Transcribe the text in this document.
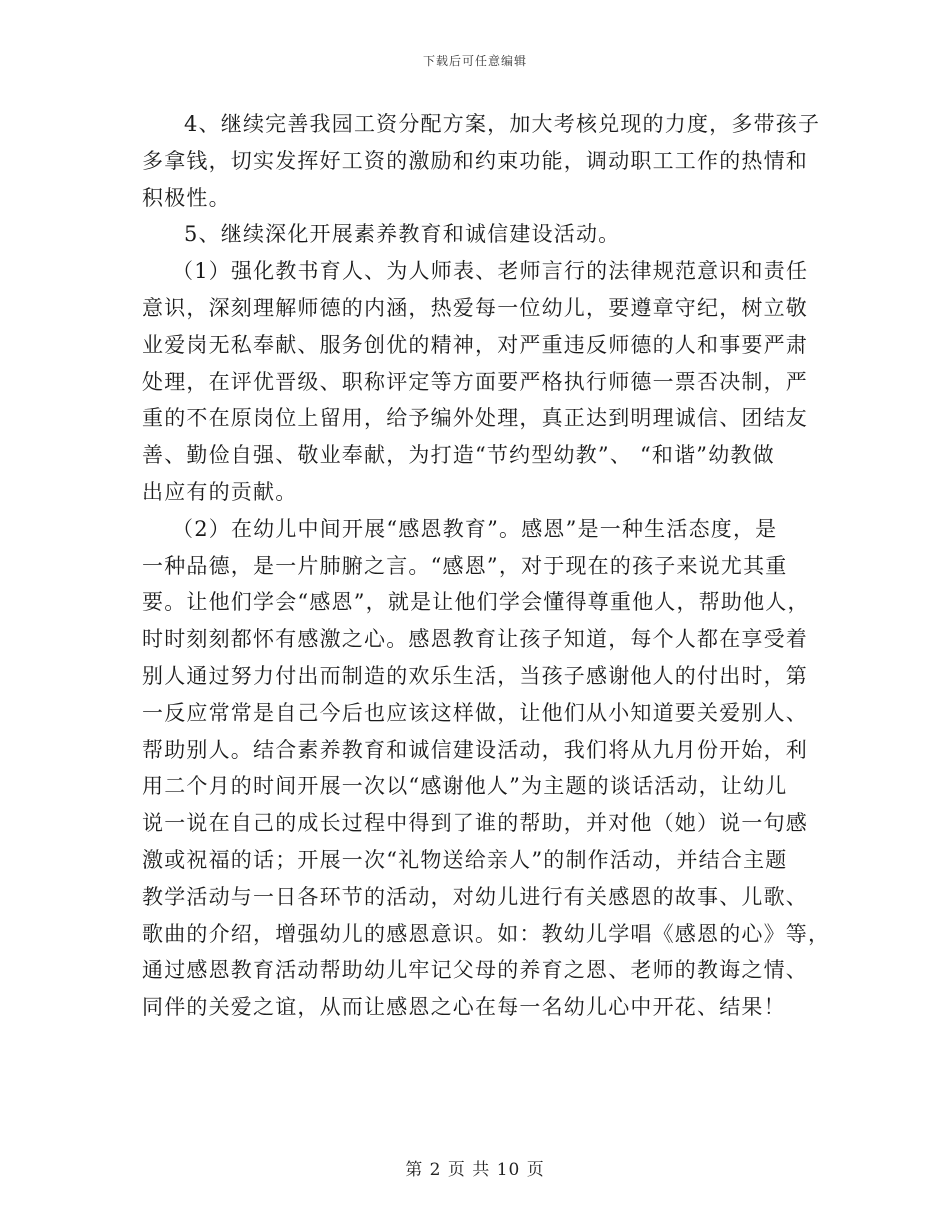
下载后可任意编辑
4、继续完善我园工资分配方案，加大考核兑现的力度，多带孩子
多拿钱，切实发挥好工资的激励和约束功能，调动职工工作的热情和
积极性。
5、继续深化开展素养教育和诚信建设活动。
（1）强化教书育人、为人师表、老师言行的法律规范意识和责任
意识，深刻理解师德的内涵，热爱每一位幼儿，要遵章守纪，树立敬
业爱岗无私奉献、服务创优的精神，对严重违反师德的人和事要严肃
处理，在评优晋级、职称评定等方面要严格执行师德一票否决制，严
重的不在原岗位上留用，给予编外处理，真正达到明理诚信、团结友
善、勤俭自强、敬业奉献，为打造“节约型幼教”、 “和谐”幼教做
出应有的贡献。
（2）在幼儿中间开展“感恩教育”。感恩”是一种生活态度，是
一种品德，是一片肺腑之言。“感恩”，对于现在的孩子来说尤其重
要。让他们学会“感恩”，就是让他们学会懂得尊重他人，帮助他人，
时时刻刻都怀有感激之心。感恩教育让孩子知道，每个人都在享受着
别人通过努力付出而制造的欢乐生活，当孩子感谢他人的付出时，第
一反应常常是自己今后也应该这样做，让他们从小知道要关爱别人、
帮助别人。结合素养教育和诚信建设活动，我们将从九月份开始，利
用二个月的时间开展一次以“感谢他人”为主题的谈话活动，让幼儿
说一说在自己的成长过程中得到了谁的帮助，并对他（她）说一句感
激或祝福的话；开展一次“礼物送给亲人”的制作活动，并结合主题
教学活动与一日各环节的活动，对幼儿进行有关感恩的故事、儿歌、
歌曲的介绍，增强幼儿的感恩意识。如：教幼儿学唱《感恩的心》等，
通过感恩教育活动帮助幼儿牢记父母的养育之恩、老师的教诲之情、
同伴的关爱之谊，从而让感恩之心在每一名幼儿心中开花、结果！
第 2 页 共 10 页
